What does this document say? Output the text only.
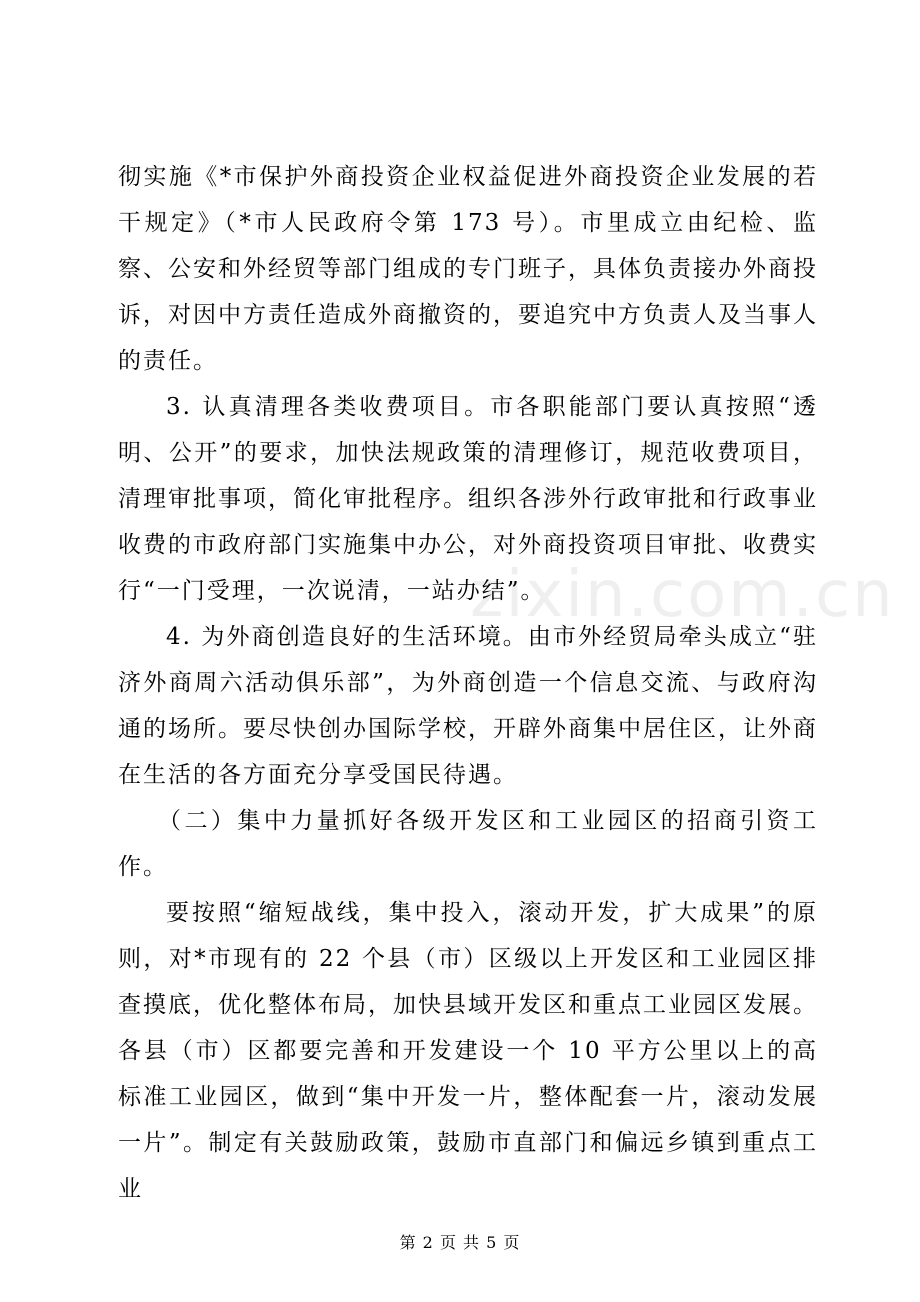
彻实施《*市保护外商投资企业权益促进外商投资企业发展的若干规定》（*市人民政府令第 173 号）。市里成立由纪检、监察、公安和外经贸等部门组成的专门班子，具体负责接办外商投诉，对因中方责任造成外商撤资的，要追究中方负责人及当事人的责任。

3. 认真清理各类收费项目。市各职能部门要认真按照“透明、公开”的要求，加快法规政策的清理修订，规范收费项目，清理审批事项，简化审批程序。组织各涉外行政审批和行政事业收费的市政府部门实施集中办公，对外商投资项目审批、收费实行“一门受理，一次说清，一站办结”。

4. 为外商创造良好的生活环境。由市外经贸局牵头成立“驻济外商周六活动俱乐部”，为外商创造一个信息交流、与政府沟通的场所。要尽快创办国际学校，开辟外商集中居住区，让外商在生活的各方面充分享受国民待遇。

（二）集中力量抓好各级开发区和工业园区的招商引资工作。

要按照“缩短战线，集中投入，滚动开发，扩大成果”的原则，对*市现有的 22 个县（市）区级以上开发区和工业园区排查摸底，优化整体布局，加快县域开发区和重点工业园区发展。各县（市）区都要完善和开发建设一个 10 平方公里以上的高标准工业园区，做到“集中开发一片，整体配套一片，滚动发展一片”。制定有关鼓励政策，鼓励市直部门和偏远乡镇到重点工业

zixin.com.cn
第 2 页 共 5 页
